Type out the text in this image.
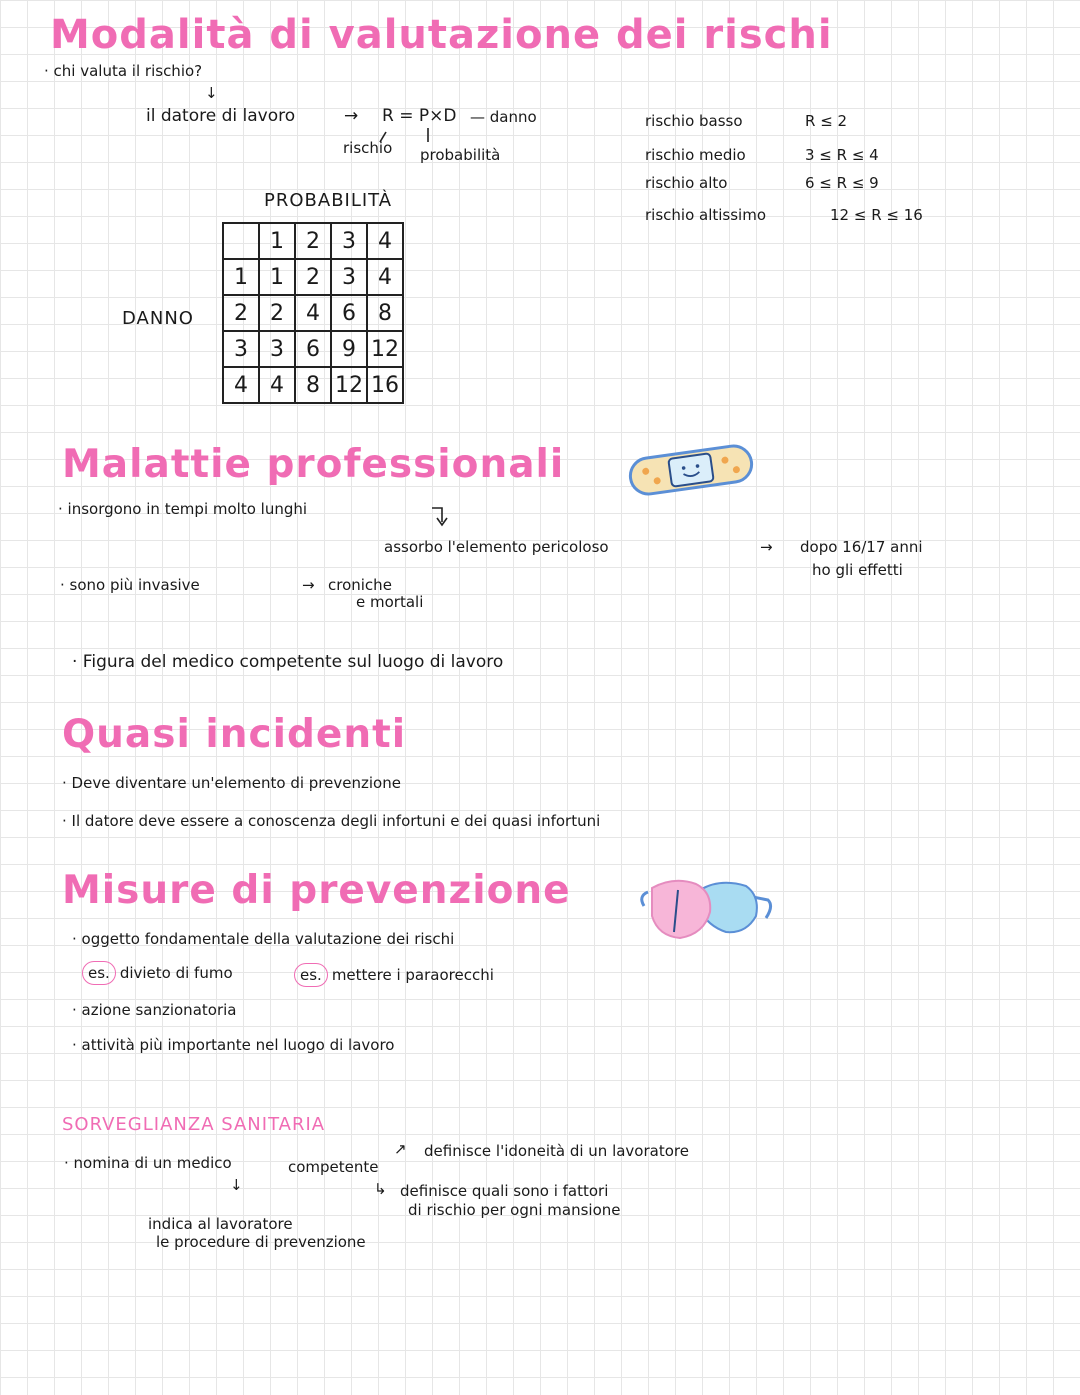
Modalità di valutazione dei rischi
· chi valuta il rischio?
↓
il datore di lavoro	→ R = P×D — danno
rischio probabilità
rischio basso	R ≤ 2
rischio medio	3 ≤ R ≤ 4
rischio alto	6 ≤ R ≤ 9
rischio altissimo	12 ≤ R ≤ 16
PROBABILITÀ
DANNO
	1	2	3	4
1	1	2	3	4
2	2	4	6	8
3	3	6	9	12
4	4	8	12	16
Malattie professionali
· insorgono in tempi molto lunghi
assorbo l'elemento pericoloso	→ dopo 16/17 anni
ho gli effetti
· sono più invasive	→ croniche
e mortali
· Figura del medico competente sul luogo di lavoro
Quasi incidenti
· Deve diventare un'elemento di prevenzione
· Il datore deve essere a conoscenza degli infortuni e dei quasi infortuni
Misure di prevenzione
· oggetto fondamentale della valutazione dei rischi
es. divieto di fumo	es. mettere i paraorecchi
· azione sanzionatoria
· attività più importante nel luogo di lavoro
SORVEGLIANZA SANITARIA
· nomina di un medico	competente
↗ definisce l'idoneità di un lavoratore
↳ definisce quali sono i fattori
di rischio per ogni mansione
↓
indica al lavoratore
le procedure di prevenzione
